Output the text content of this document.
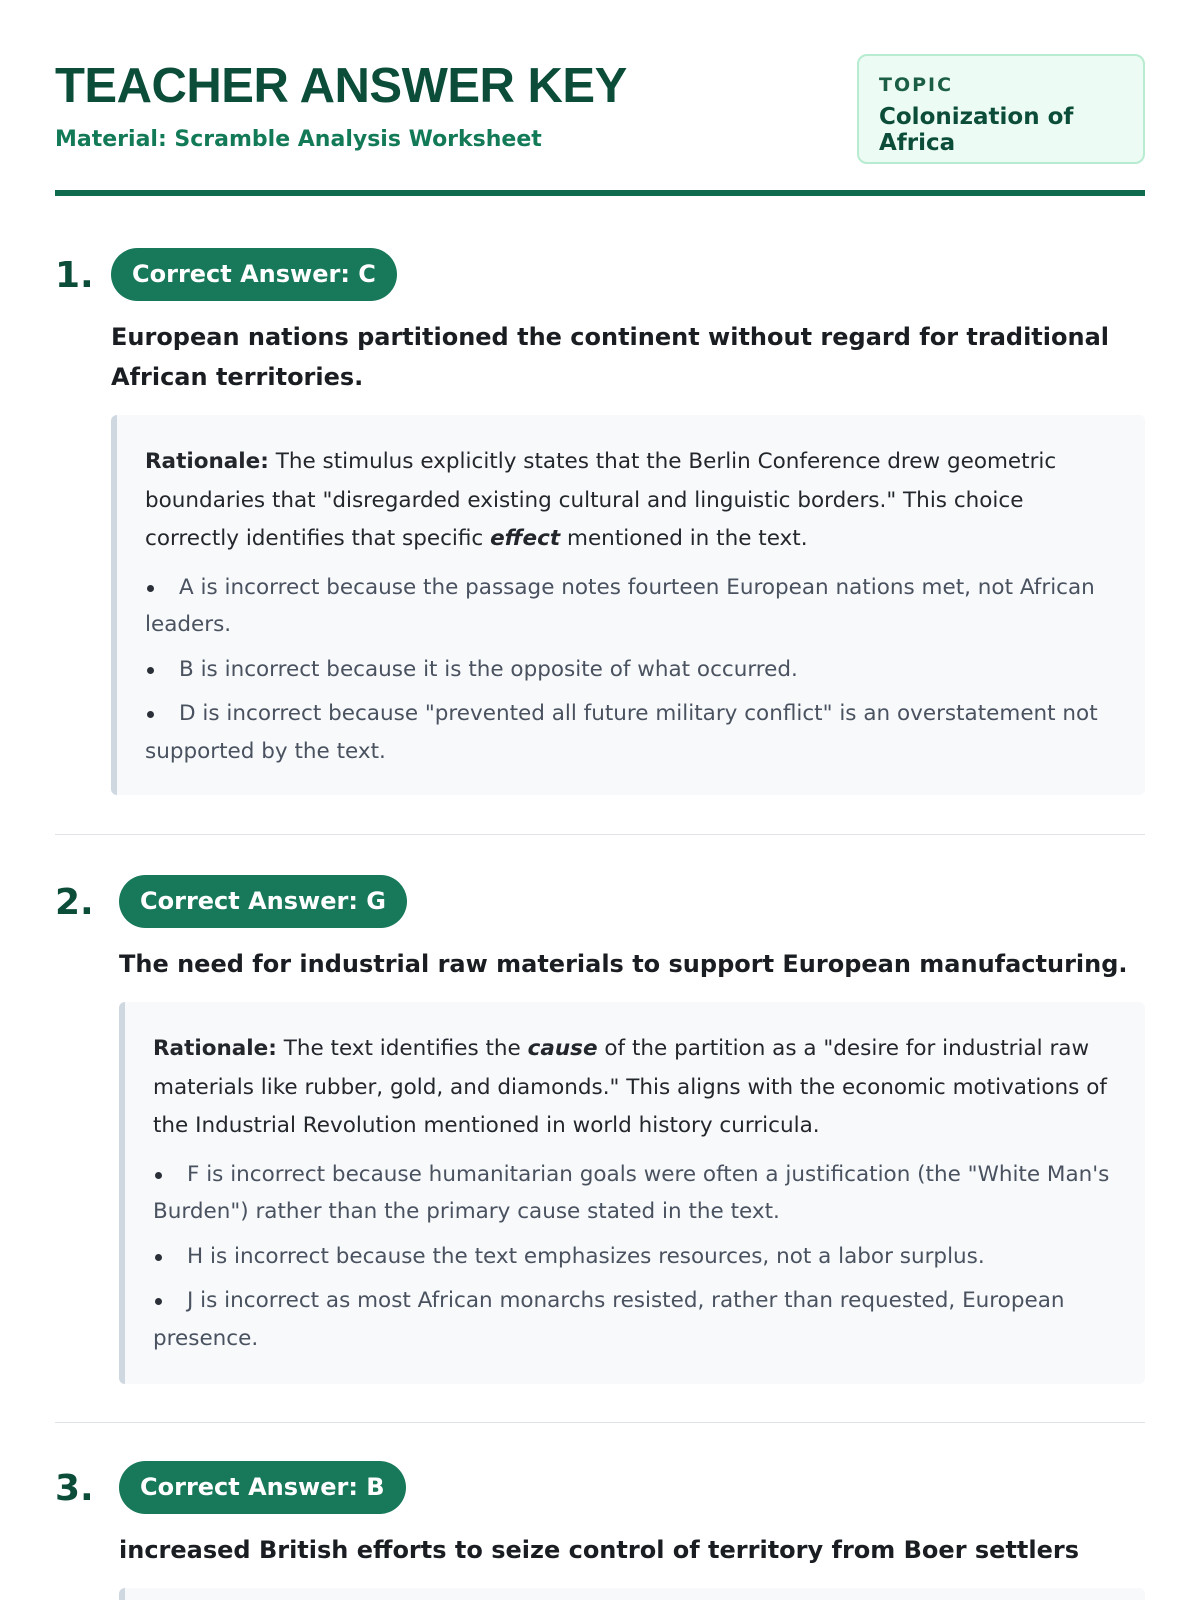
TEACHER ANSWER KEY

Material: Scramble Analysis Worksheet

TOPIC
Colonization of Africa
1.	Correct Answer: C

European nations partitioned the continent without regard for traditional African territories.

Rationale: The stimulus explicitly states that the Berlin Conference drew geometric boundaries that "disregarded existing cultural and linguistic borders." This choice correctly identifies that specific effect mentioned in the text.

A is incorrect because the passage notes fourteen European nations met, not African leaders.
B is incorrect because it is the opposite of what occurred.
D is incorrect because "prevented all future military conflict" is an overstatement not supported by the text.
2.	Correct Answer: G

The need for industrial raw materials to support European manufacturing.

Rationale: The text identifies the cause of the partition as a "desire for industrial raw materials like rubber, gold, and diamonds." This aligns with the economic motivations of the Industrial Revolution mentioned in world history curricula.

F is incorrect because humanitarian goals were often a justification (the "White Man's Burden") rather than the primary cause stated in the text.
H is incorrect because the text emphasizes resources, not a labor surplus.
J is incorrect as most African monarchs resisted, rather than requested, European presence.
3.	Correct Answer: B

increased British efforts to seize control of territory from Boer settlers
